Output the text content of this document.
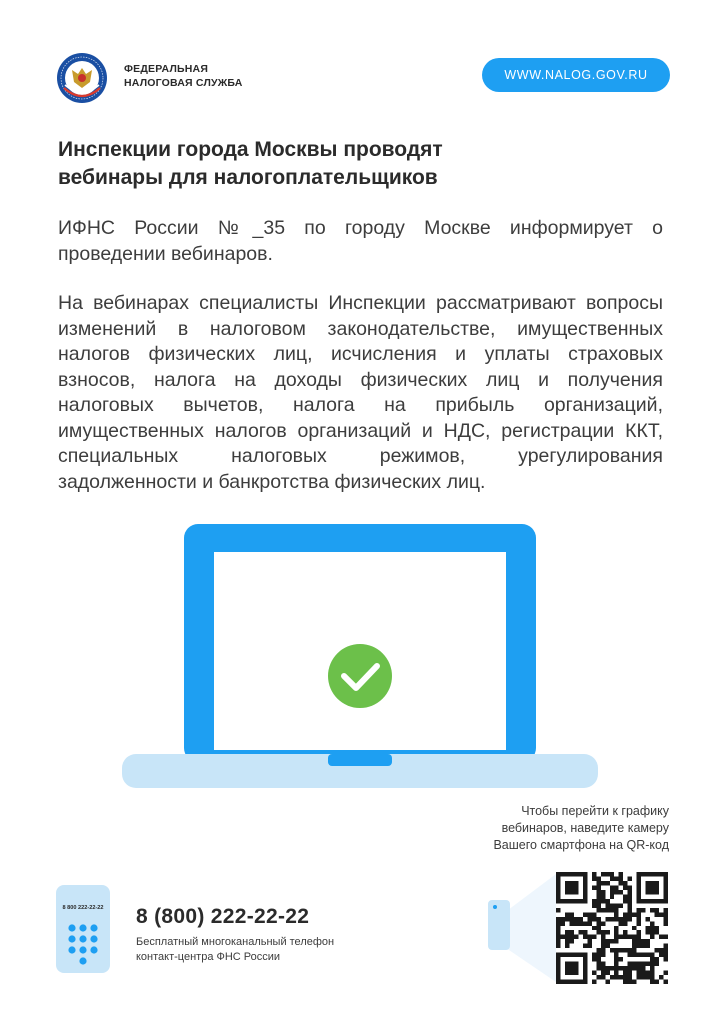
ФЕДЕРАЛЬНАЯ
НАЛОГОВАЯ СЛУЖБА
WWW.NALOG.GOV.RU
Инспекции города Москвы проводят
вебинары для налогоплательщиков
ИФНС России №_35 по городу Москве информирует о проведении вебинаров.
На вебинарах специалисты Инспекции рассматривают вопросы изменений в налоговом законодательстве, имущественных налогов физических лиц, исчисления и уплаты страховых взносов, налога на доходы физических лиц и получения налоговых вычетов, налога на прибыль организаций, имущественных налогов организаций и НДС, регистрации ККТ, специальных налоговых режимов, урегулирования задолженности и банкротства физических лиц.
Чтобы перейти к графику
вебинаров, наведите камеру
Вашего смартфона на QR-код
8 800 222-22-22 8 (800) 222-22-22
Бесплатный многоканальный телефон
контакт-центра ФНС России
